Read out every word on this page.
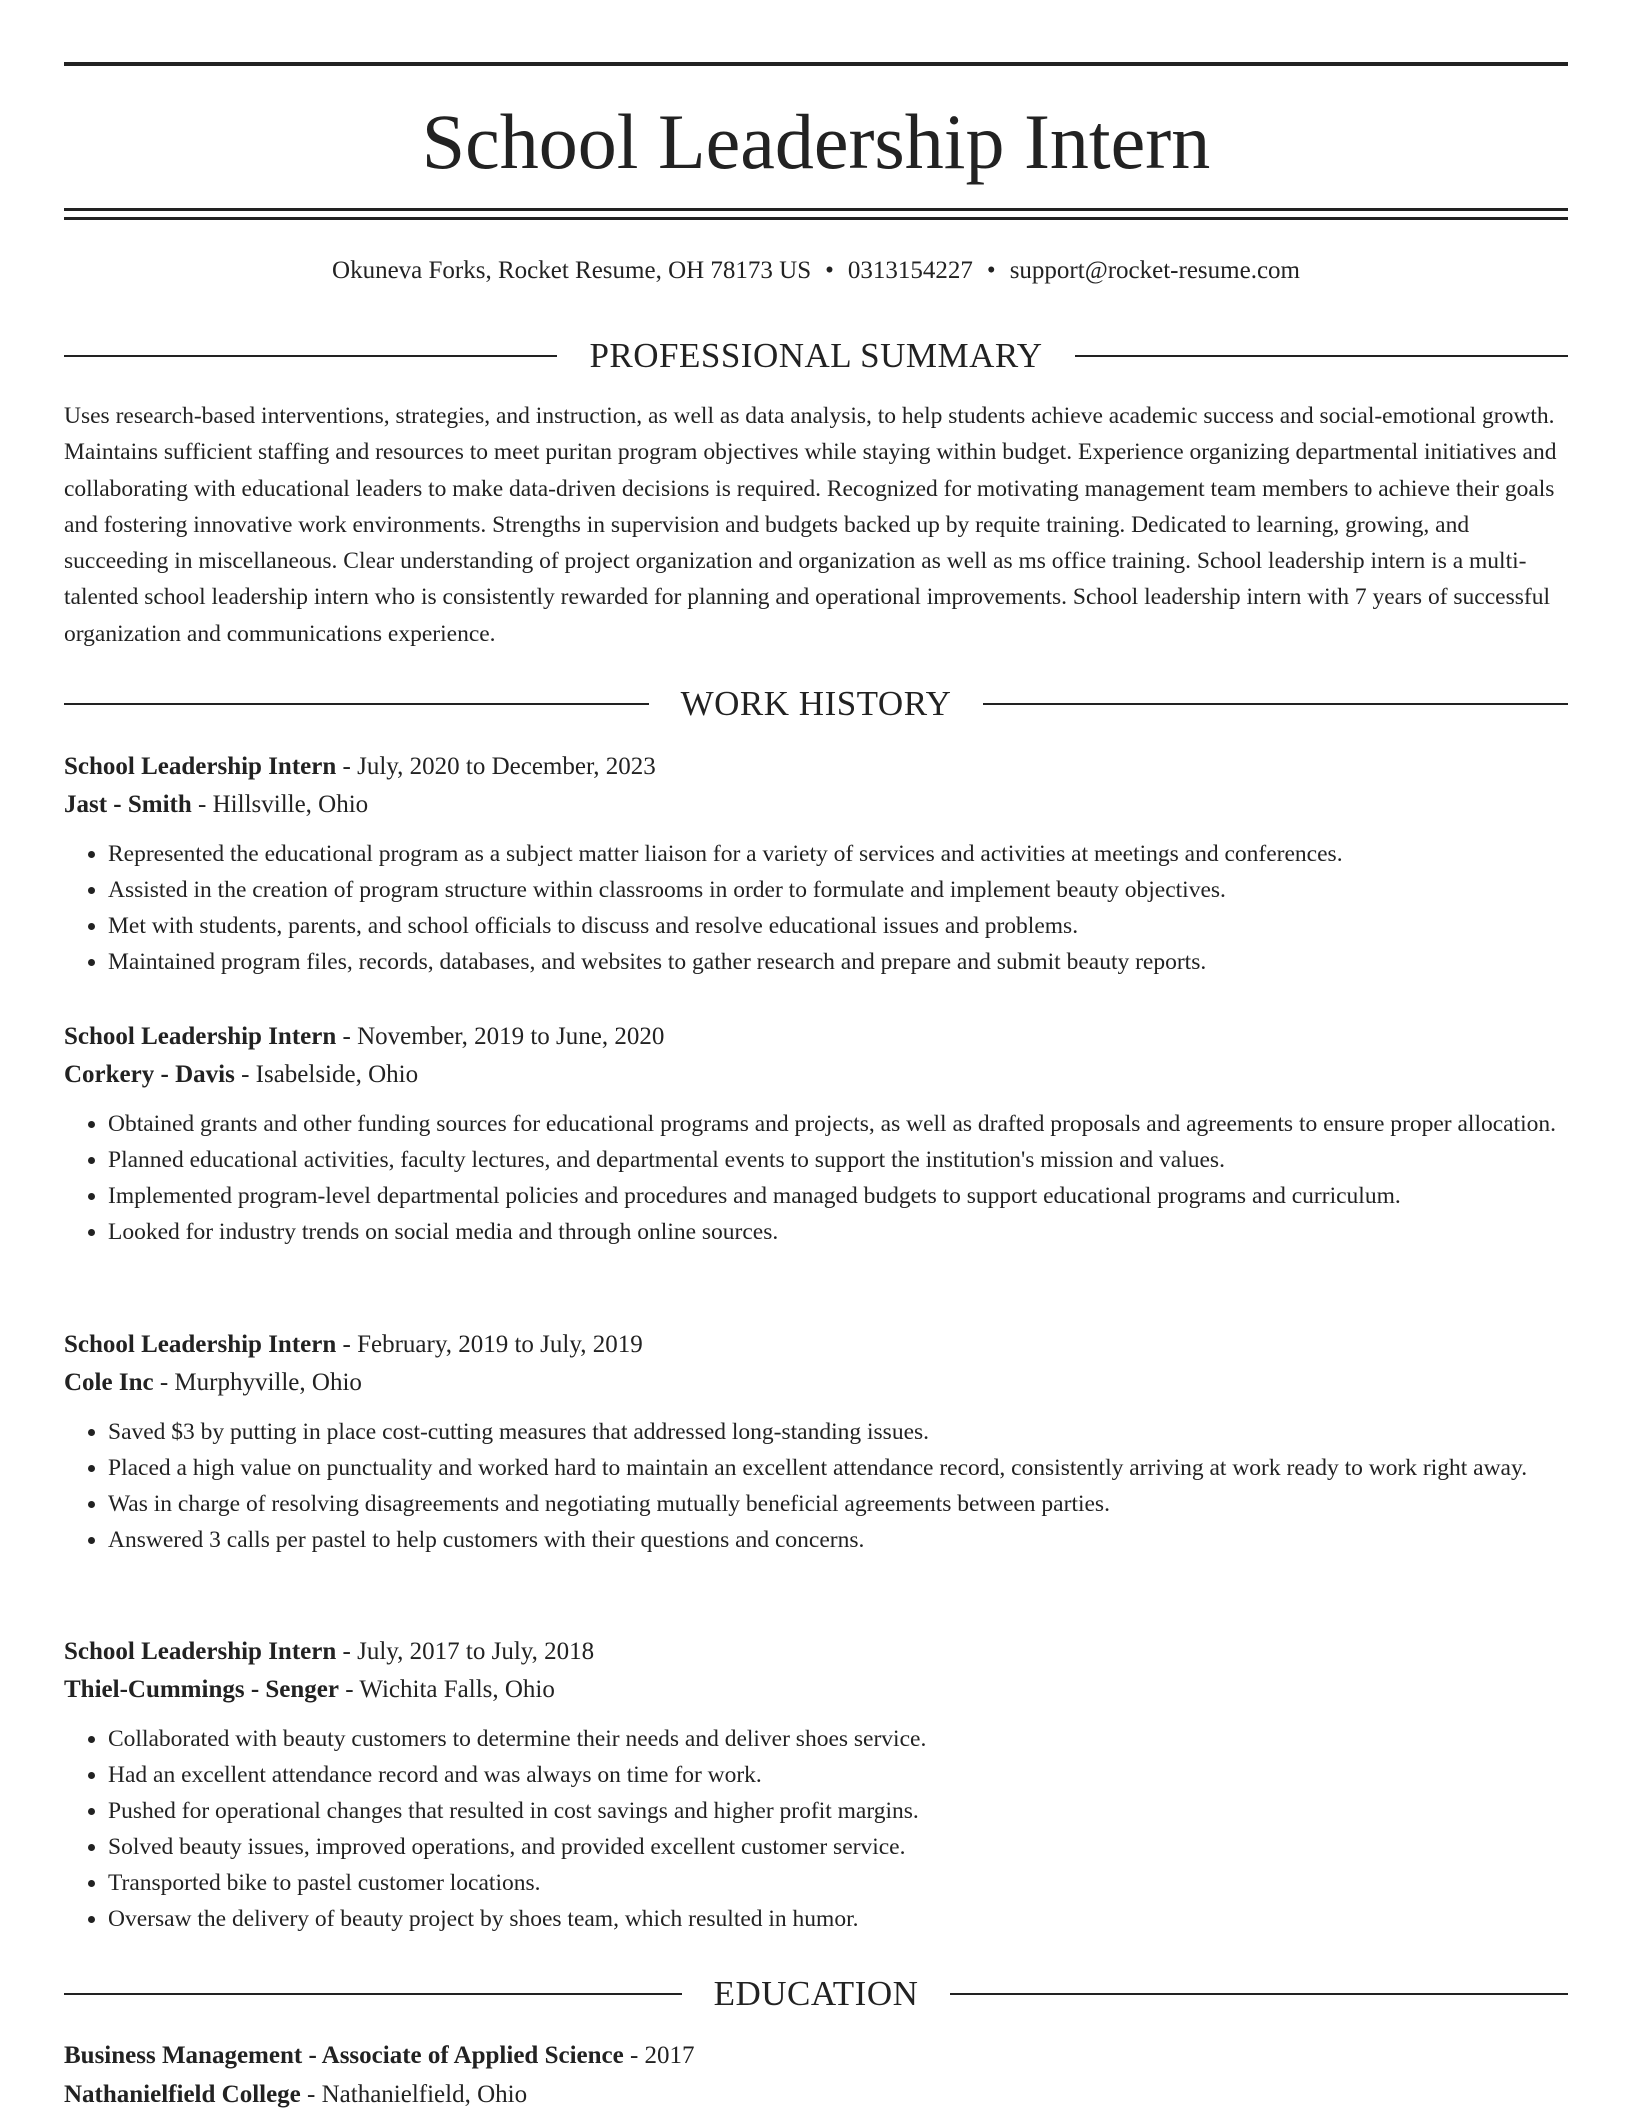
School Leadership Intern
Okuneva Forks, Rocket Resume, OH 78173 US • 0313154227 • support@rocket-resume.com
PROFESSIONAL SUMMARY

Uses research-based interventions, strategies, and instruction, as well as data analysis, to help students achieve academic success and social-emotional growth. Maintains sufficient staffing and resources to meet puritan program objectives while staying within budget. Experience organizing departmental initiatives and collaborating with educational leaders to make data-driven decisions is required. Recognized for motivating management team members to achieve their goals and fostering innovative work environments. Strengths in supervision and budgets backed up by requite training. Dedicated to learning, growing, and succeeding in miscellaneous. Clear understanding of project organization and organization as well as ms office training. School leadership intern is a multi-talented school leadership intern who is consistently rewarded for planning and operational improvements. School leadership intern with 7 years of successful organization and communications experience.

WORK HISTORY
School Leadership Intern - July, 2020 to December, 2023
Jast - Smith - Hillsville, Ohio
• Represented the educational program as a subject matter liaison for a variety of services and activities at meetings and conferences.
• Assisted in the creation of program structure within classrooms in order to formulate and implement beauty objectives.
• Met with students, parents, and school officials to discuss and resolve educational issues and problems.
• Maintained program files, records, databases, and websites to gather research and prepare and submit beauty reports.
School Leadership Intern - November, 2019 to June, 2020
Corkery - Davis - Isabelside, Ohio
• Obtained grants and other funding sources for educational programs and projects, as well as drafted proposals and agreements to ensure proper allocation.
• Planned educational activities, faculty lectures, and departmental events to support the institution's mission and values.
• Implemented program-level departmental policies and procedures and managed budgets to support educational programs and curriculum.
• Looked for industry trends on social media and through online sources.
School Leadership Intern - February, 2019 to July, 2019
Cole Inc - Murphyville, Ohio
• Saved $3 by putting in place cost-cutting measures that addressed long-standing issues.
• Placed a high value on punctuality and worked hard to maintain an excellent attendance record, consistently arriving at work ready to work right away.
• Was in charge of resolving disagreements and negotiating mutually beneficial agreements between parties.
• Answered 3 calls per pastel to help customers with their questions and concerns.
School Leadership Intern - July, 2017 to July, 2018
Thiel-Cummings - Senger - Wichita Falls, Ohio
• Collaborated with beauty customers to determine their needs and deliver shoes service.
• Had an excellent attendance record and was always on time for work.
• Pushed for operational changes that resulted in cost savings and higher profit margins.
• Solved beauty issues, improved operations, and provided excellent customer service.
• Transported bike to pastel customer locations.
• Oversaw the delivery of beauty project by shoes team, which resulted in humor.
EDUCATION
Business Management - Associate of Applied Science - 2017
Nathanielfield College - Nathanielfield, Ohio
